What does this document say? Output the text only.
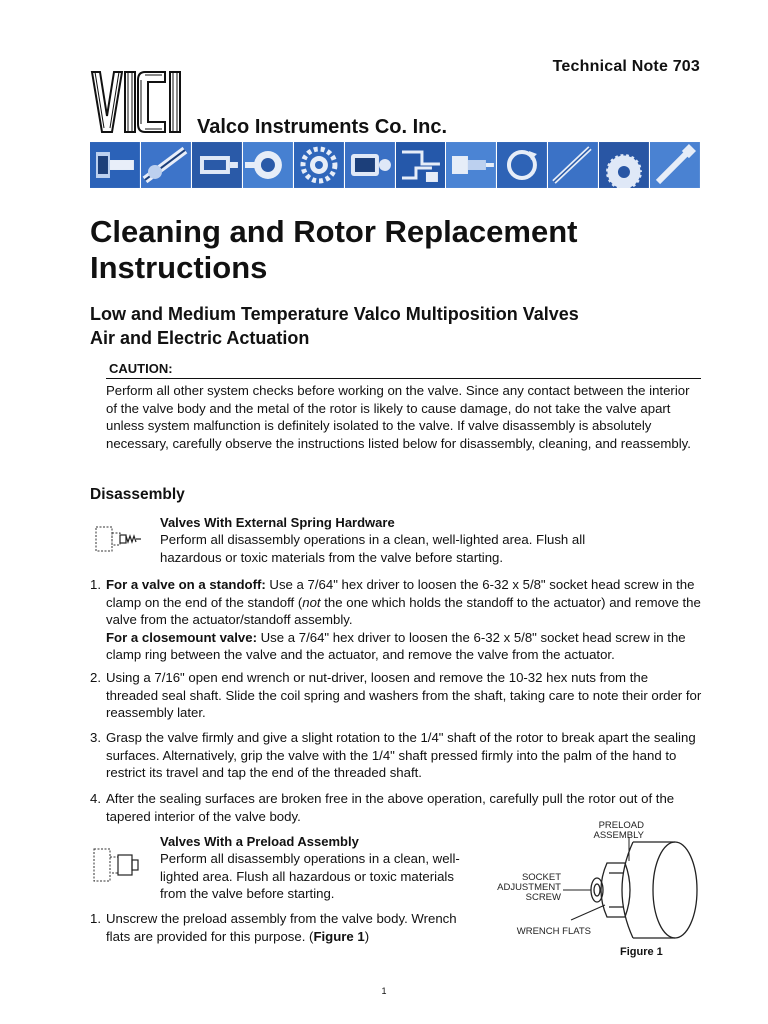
Technical Note 703
Valco Instruments Co. Inc.
Cleaning and Rotor Replacement Instructions
Low and Medium Temperature Valco Multiposition Valves
Air and Electric Actuation
CAUTION:
Perform all other system checks before working on the valve. Since any contact between the interior of the valve body and the metal of the rotor is likely to cause damage, do not take the valve apart unless system malfunction is definitely isolated to the valve. If valve disassembly is absolutely necessary, carefully observe the instructions listed below for disassembly, cleaning, and reassembly.
Disassembly
Valves With External Spring Hardware
Perform all disassembly operations in a clean, well-lighted area. Flush all hazardous or toxic materials from the valve before starting.
1. For a valve on a standoff: Use a 7/64" hex driver to loosen the 6-32 x 5/8" socket head screw in the clamp on the end of the standoff (not the one which holds the standoff to the actuator) and remove the valve from the actuator/standoff assembly.
For a closemount valve: Use a 7/64" hex driver to loosen the 6-32 x 5/8" socket head screw in the clamp ring between the valve and the actuator, and remove the valve from the actuator.
2. Using a 7/16" open end wrench or nut-driver, loosen and remove the 10-32 hex nuts from the threaded seal shaft. Slide the coil spring and washers from the shaft, taking care to note their order for reassembly later.
3. Grasp the valve firmly and give a slight rotation to the 1/4" shaft of the rotor to break apart the sealing surfaces. Alternatively, grip the valve with the 1/4" shaft pressed firmly into the palm of the hand to restrict its travel and tap the end of the threaded shaft.
4. After the sealing surfaces are broken free in the above operation, carefully pull the rotor out of the tapered interior of the valve body.
Valves With a Preload Assembly
Perform all disassembly operations in a clean, well-lighted area. Flush all hazardous or toxic materials from the valve before starting.
1. Unscrew the preload assembly from the valve body. Wrench flats are provided for this purpose. (Figure 1)
PRELOAD ASSEMBLY
SOCKET ADJUSTMENT SCREW
WRENCH FLATS
Figure 1
1
